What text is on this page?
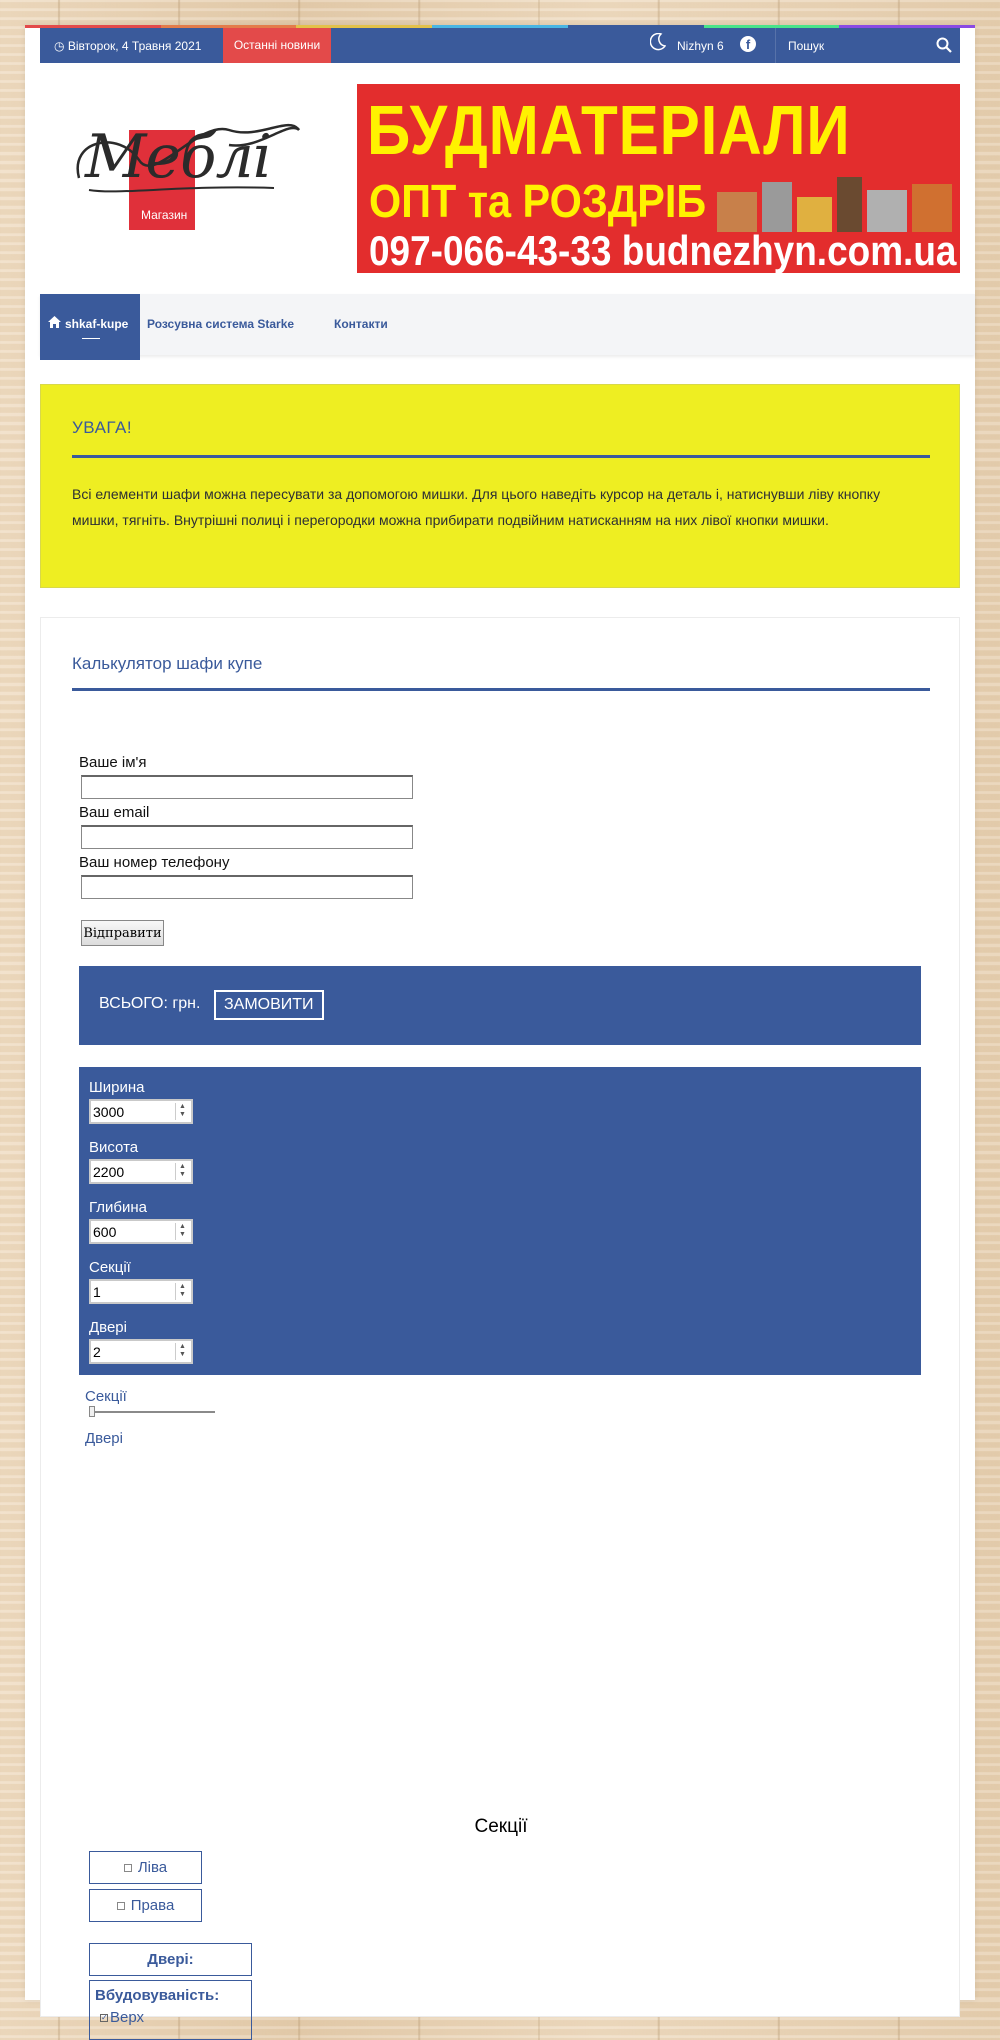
◷ Вівторок, 4 Травня 2021	Останні новини	Nizhyn 6	f
Пошук
Меблі
Магазин
БУДМАТЕРІАЛИ
ОПТ та РОЗДРІБ
097-066-43-33 budnezhyn.com.ua
shkaf-kupe	Розсувна система Starke	Контакти
УВАГА!

Всі елементи шафи можна пересувати за допомогою мишки. Для цього наведіть курсор на деталь і, натиснувши ліву кнопку мишки, тягніть. Внутрішні полиці і перегородки можна прибирати подвійним натисканням на них лівої кнопки мишки.

Калькулятор шафи купе
Ваше ім'я
Ваш email
Ваш номер телефону
Відправити
ВСЬОГО: грн.	ЗАМОВИТИ
Ширина
3000	▲
▼
Висота
2200	▲
▼
Глибина
600	▲
▼
Секції
1	▲
▼
Двері
2	▲
▼
Секції
Двері
Секції
Ліва
Права
Двері:
Вбудовуваність:
✓ Верх
